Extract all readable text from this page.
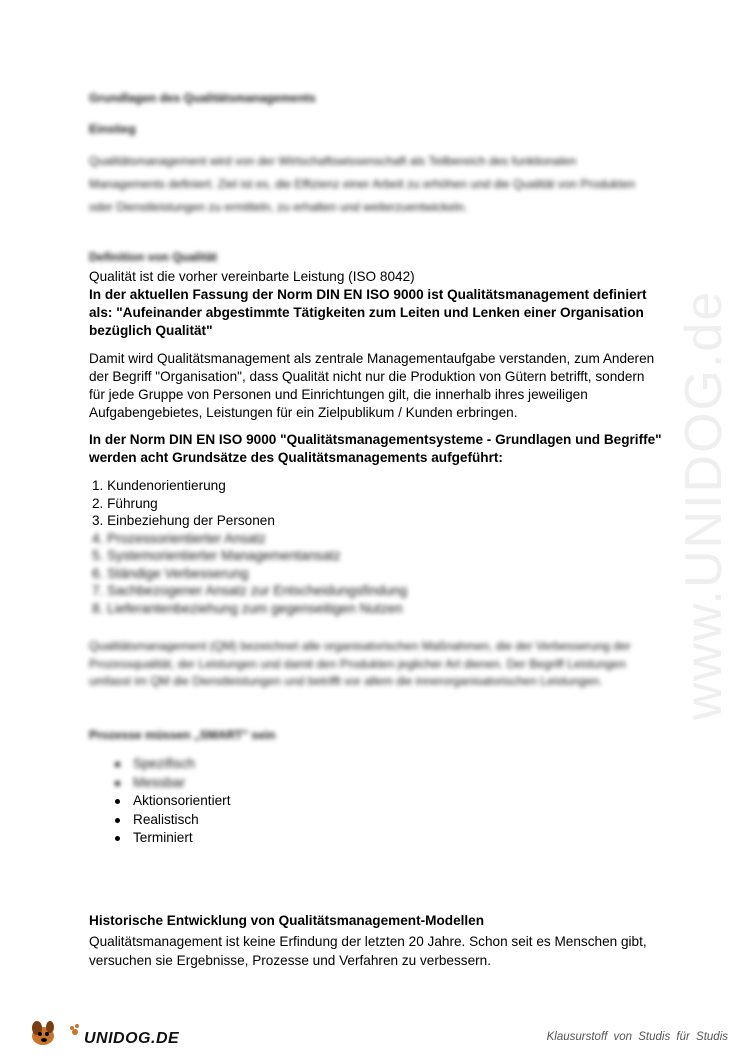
www.UNIDOG.de
Grundlagen des Qualitätsmanagements
Einstieg
Qualitätsmanagement wird von der Wirtschaftswissenschaft als Teilbereich des funktionalen Managements definiert. Ziel ist es, die Effizienz einer Arbeit zu erhöhen und die Qualität von Produkten oder Dienstleistungen zu ermitteln, zu erhalten und weiterzuentwickeln.
Definition von Qualität
Qualität ist die vorher vereinbarte Leistung (ISO 8042)
In der aktuellen Fassung der Norm DIN EN ISO 9000 ist Qualitätsmanagement definiert als: "Aufeinander abgestimmte Tätigkeiten zum Leiten und Lenken einer Organisation bezüglich Qualität"
Damit wird Qualitätsmanagement als zentrale Managementaufgabe verstanden, zum Anderen der Begriff "Organisation", dass Qualität nicht nur die Produktion von Gütern betrifft, sondern für jede Gruppe von Personen und Einrichtungen gilt, die innerhalb ihres jeweiligen Aufgabengebietes, Leistungen für ein Zielpublikum / Kunden erbringen.
In der Norm DIN EN ISO 9000 "Qualitätsmanagementsysteme - Grundlagen und Begriffe" werden acht Grundsätze des Qualitätsmanagements aufgeführt:
1. Kundenorientierung
2. Führung
3. Einbeziehung der Personen
4. Prozessorientierter Ansatz
5. Systemorientierter Managementansatz
6. Ständige Verbesserung
7. Sachbezogener Ansatz zur Entscheidungsfindung
8. Lieferantenbeziehung zum gegenseitigen Nutzen
Qualitätsmanagement (QM) bezeichnet alle organisatorischen Maßnahmen, die der Verbesserung der Prozessqualität, der Leistungen und damit den Produkten jeglicher Art dienen. Der Begriff Leistungen umfasst im QM die Dienstleistungen und betrifft vor allem die innerorganisatorischen Leistungen.
Prozesse müssen „SMART" sein
Spezifisch
Messbar
Aktionsorientiert
Realistisch
Terminiert
Historische Entwicklung von Qualitätsmanagement-Modellen
Qualitätsmanagement ist keine Erfindung der letzten 20 Jahre. Schon seit es Menschen gibt, versuchen sie Ergebnisse, Prozesse und Verfahren zu verbessern.
UNIDOG.DE	Klausurstoff von Studis für Studis
